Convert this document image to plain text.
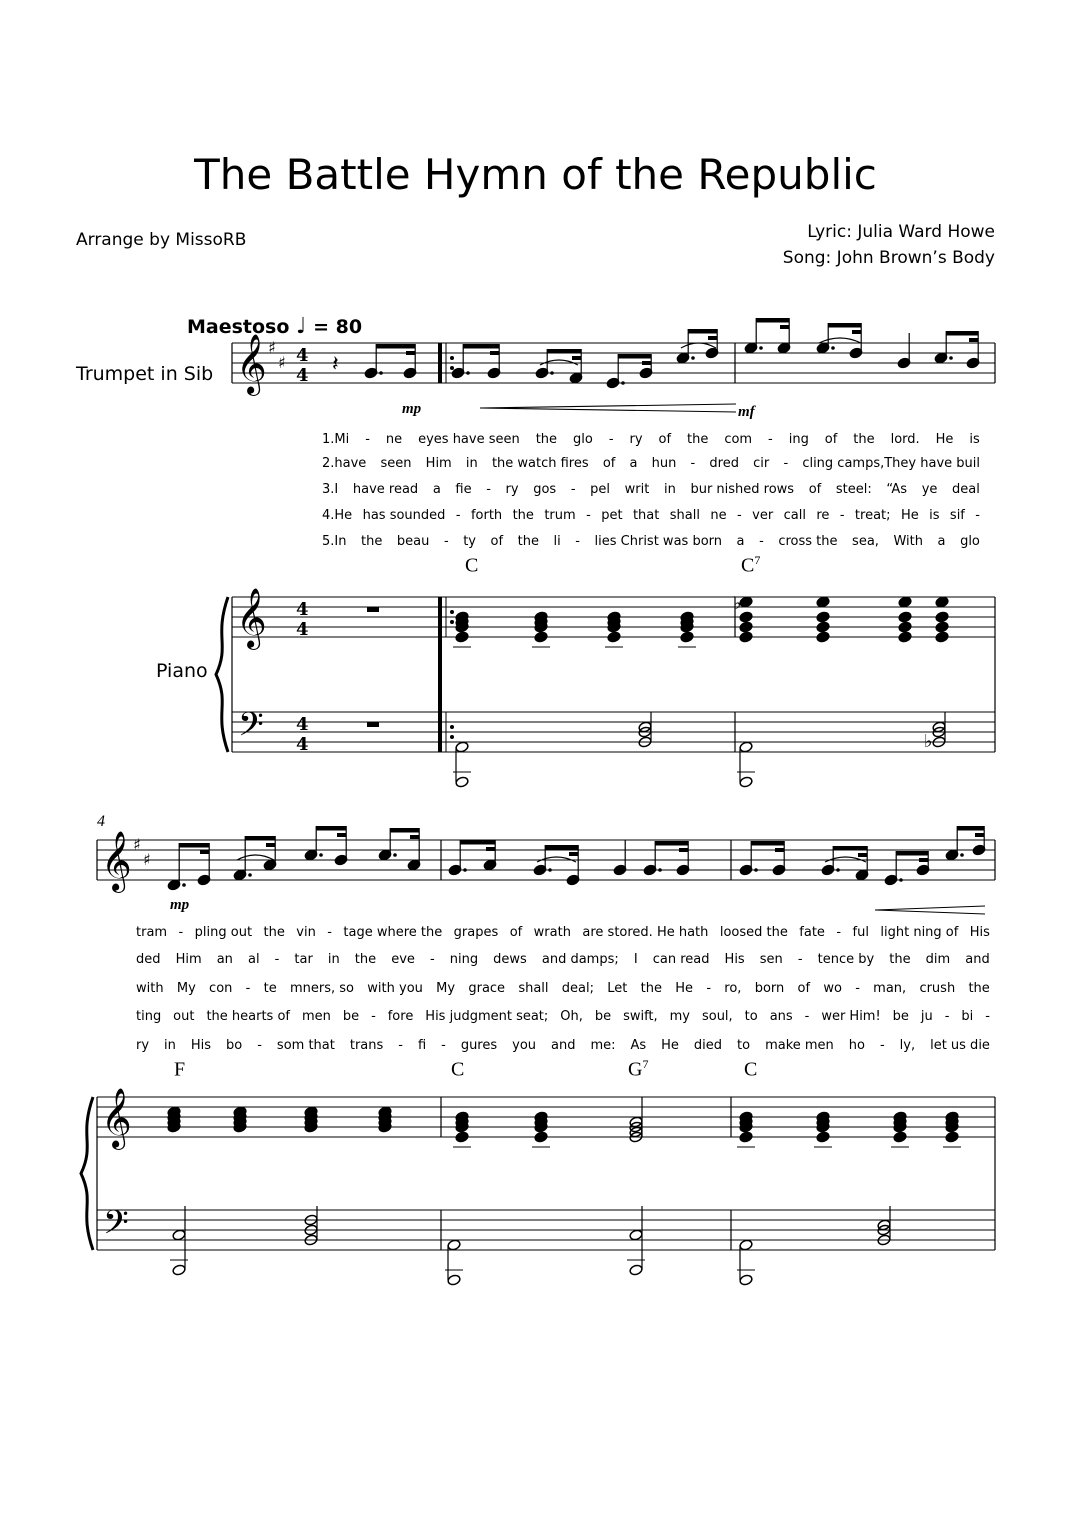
The Battle Hymn of the Republic
Arrange by MissoRB	Lyric: Julia Ward Howe
Song: John Brown’s Body
Maestoso ♩ = 80
Trumpet in Sib
Piano
mp	mf
mp
4
C	$C^7$
F	C	$G^7$	C
1.Mi - ne eyes have seen the glo - ry of the com - ing of the lord. He is
2.have seen Him in the watch fires of a hun - dred cir - cling camps,They have buil
3.I have read a fie - ry gos - pel writ in bur nished rows of steel: “As ye deal
4.He has sounded - forth the trum - pet that shall ne - ver call re - treat; He is sif -
5.In the beau - ty of the li - lies Christ was born a - cross the sea, With a glo
tram - pling out the vin - tage where the grapes of wrath are stored. He hath loosed the fate - ful light ning of His
ded Him an al - tar in the eve - ning dews and damps; I can read His sen - tence by the dim and
with My con - te mners, so with you My grace shall deal; Let the He - ro, born of wo - man, crush the
ting out the hearts of men be - fore His judgment seat; Oh, be swift, my soul, to ans - wer Him! be ju - bi -
ry in His bo - som that trans - fi - gures you and me: As He died to make men ho - ly, let us die
𝄞
𝄞
𝄢
♯
♯ 4
4
4
4
4
4
𝄽
♭
♭
𝄞
𝄞
𝄢
♯
♯
